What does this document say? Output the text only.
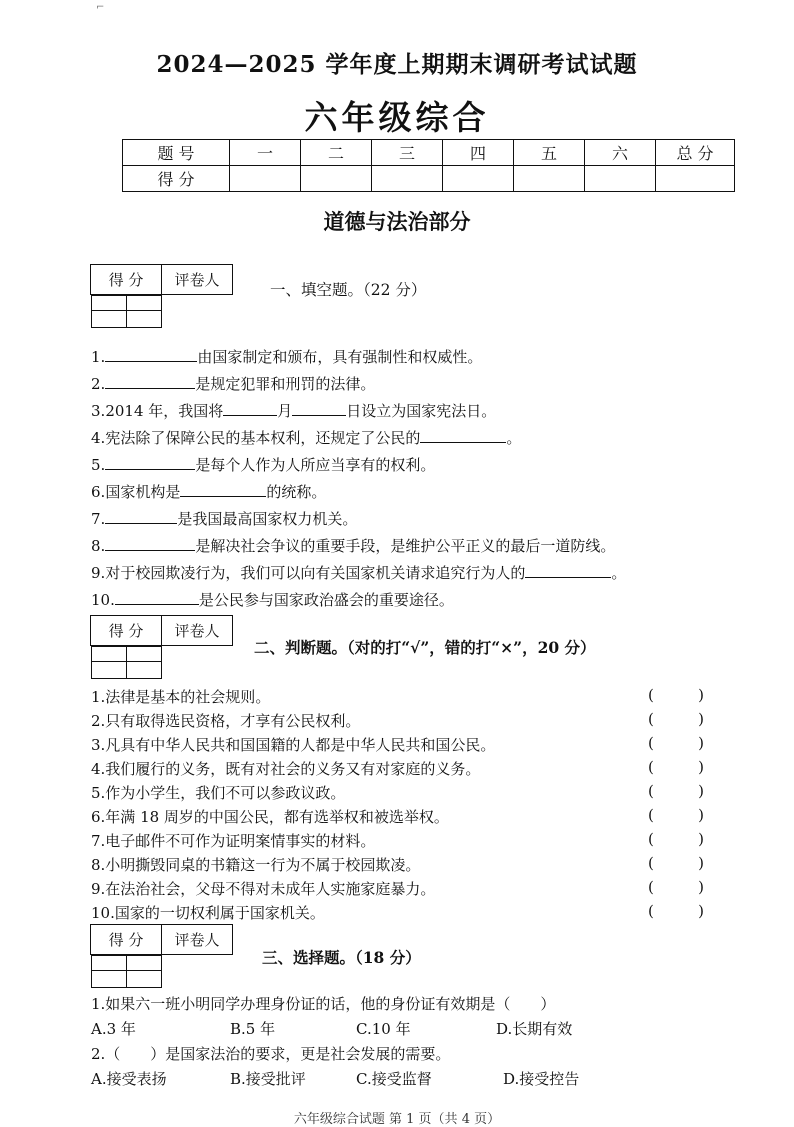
⌐
2024—2025 学年度上期期末调研考试试题
六年级综合
题 号	一	二	三	四	五	六	总 分
得 分							
道德与法治部分
得 分	评卷人

一、填空题。（22 分）
1.	由国家制定和颁布，具有强制性和权威性。
2.	是规定犯罪和刑罚的法律。
3.2014 年，我国将	月	日设立为国家宪法日。
4.宪法除了保障公民的基本权利，还规定了公民的	。
5.	是每个人作为人所应当享有的权利。
6.国家机构是	的统称。
7.	是我国最高国家权力机关。
8.	是解决社会争议的重要手段，是维护公平正义的最后一道防线。
9.对于校园欺凌行为，我们可以向有关国家机关请求追究行为人的	。
10.	是公民参与国家政治盛会的重要途径。
得 分	评卷人

二、判断题。（对的打“√”，错的打“×”，20 分）
1.法律是基本的社会规则。	(	)
2.只有取得选民资格，才享有公民权利。	(	)
3.凡具有中华人民共和国国籍的人都是中华人民共和国公民。	(	)
4.我们履行的义务，既有对社会的义务又有对家庭的义务。	(	)
5.作为小学生，我们不可以参政议政。	(	)
6.年满 18 周岁的中国公民，都有选举权和被选举权。	(	)
7.电子邮件不可作为证明案情事实的材料。	(	)
8.小明撕毁同桌的书籍这一行为不属于校园欺凌。	(	)
9.在法治社会，父母不得对未成年人实施家庭暴力。	(	)
10.国家的一切权利属于国家机关。	(	)
得 分	评卷人

三、选择题。（18 分）
1.如果六一班小明同学办理身份证的话，他的身份证有效期是（　　）
A.3 年	B.5 年	C.10 年	D.长期有效
2.（　　）是国家法治的要求，更是社会发展的需要。
A.接受表扬	B.接受批评	C.接受监督	D.接受控告
六年级综合试题 第 1 页（共 4 页）
